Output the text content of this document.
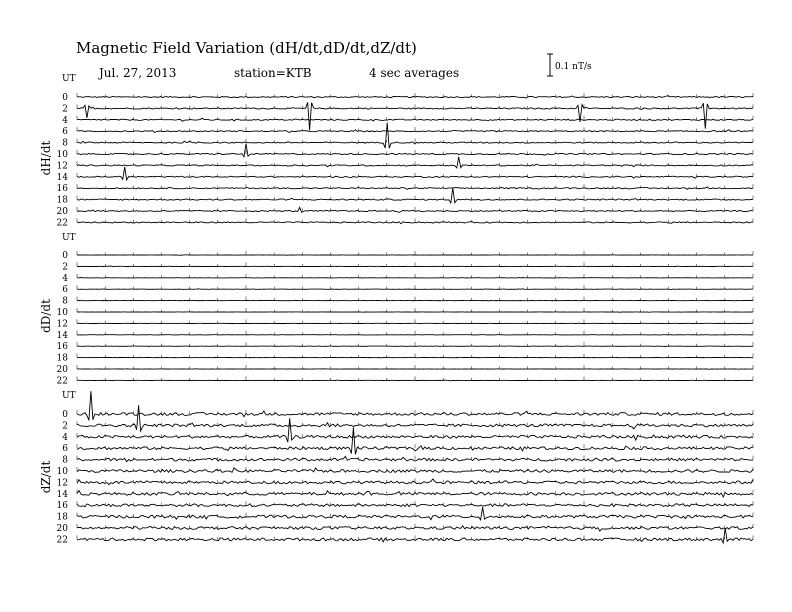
Magnetic Field Variation (dH/dt,dD/dt,dZ/dt)
Jul. 27, 2013	station=KTB	4 sec averages	0.1 nT/s
UT
dH/dt
0
2
4
6
8
10
12
14
16
18
20
22
UT
dD/dt
0
2
4
6
8
10
12
14
16
18
20
22
UT
dZ/dt
0
2
4
6
8
10
12
14
16
18
20
22
